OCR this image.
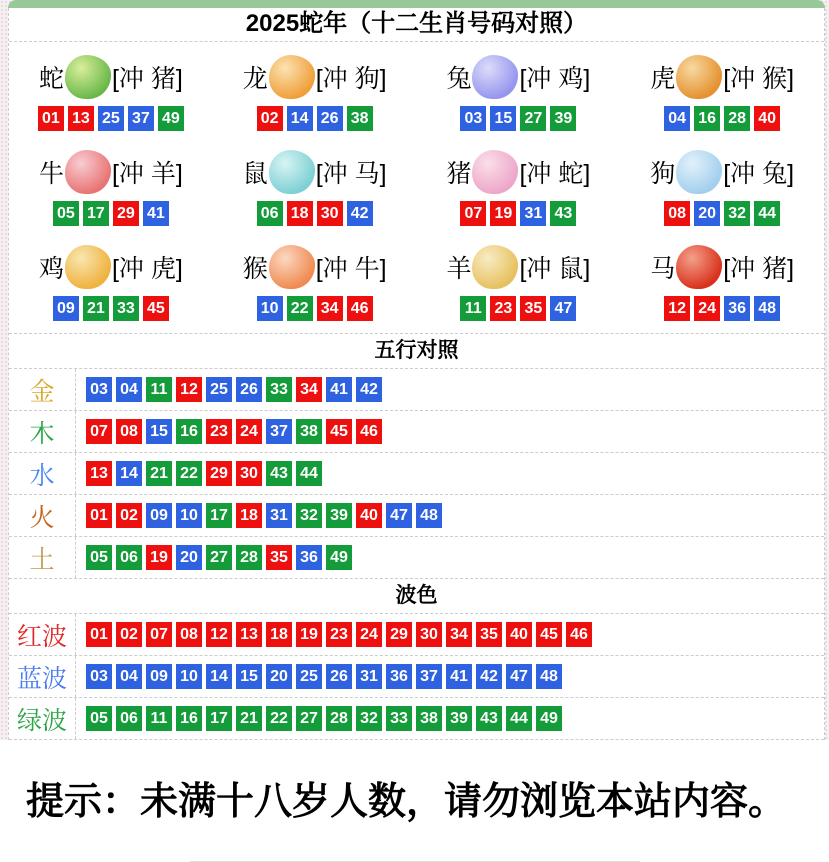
2025蛇年（十二生肖号码对照）
蛇 [冲 猪]
01 13 25 37 49
龙 [冲 狗]
02 14 26 38
兔 [冲 鸡]
03 15 27 39
虎 [冲 猴]
04 16 28 40
牛 [冲 羊]
05 17 29 41
鼠 [冲 马]
06 18 30 42
猪 [冲 蛇]
07 19 31 43
狗 [冲 兔]
08 20 32 44
鸡 [冲 虎]
09 21 33 45
猴 [冲 牛]
10 22 34 46
羊 [冲 鼠]
11 23 35 47
马 [冲 猪]
12 24 36 48
五行对照
金	03 04 11 12 25 26 33 34 41 42
木	07 08 15 16 23 24 37 38 45 46
水	13 14 21 22 29 30 43 44
火	01 02 09 10 17 18 31 32 39 40 47 48
土	05 06 19 20 27 28 35 36 49
波色
红波	01 02 07 08 12 13 18 19 23 24 29 30 34 35 40 45 46
蓝波	03 04 09 10 14 15 20 25 26 31 36 37 41 42 47 48
绿波	05 06 11 16 17 21 22 27 28 32 33 38 39 43 44 49
提示：未满十八岁人数，请勿浏览本站内容。
